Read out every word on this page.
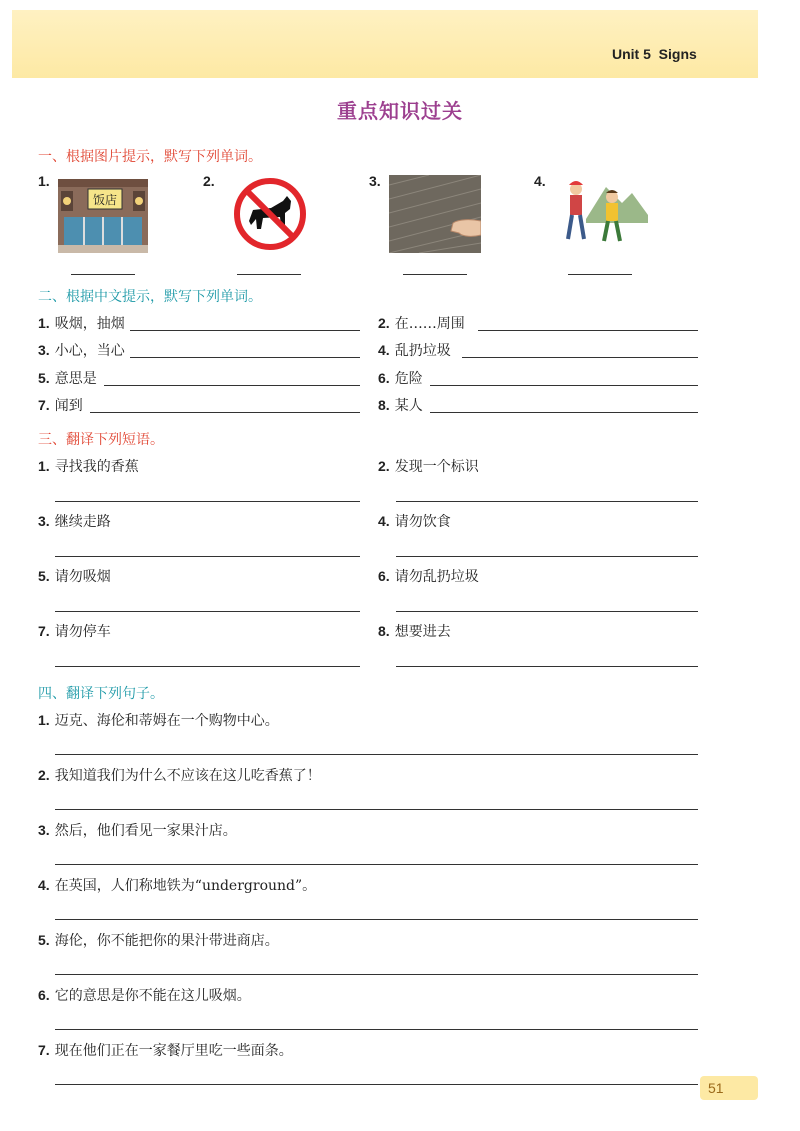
Unit 5 Signs
重点知识过关
一、根据图片提示，默写下列单词。
1.
饭店
2.	3.	4.
二、根据中文提示，默写下列单词。
1. 吸烟，抽烟	2. 在……周围
3. 小心，当心	4. 乱扔垃圾
5. 意思是	6. 危险
7. 闻到	8. 某人
三、翻译下列短语。
1. 寻找我的香蕉	2. 发现一个标识
3. 继续走路	4. 请勿饮食
5. 请勿吸烟	6. 请勿乱扔垃圾
7. 请勿停车	8. 想要进去
四、翻译下列句子。
1. 迈克、海伦和蒂姆在一个购物中心。
2. 我知道我们为什么不应该在这儿吃香蕉了！
3. 然后，他们看见一家果汁店。
4. 在英国，人们称地铁为“underground”。
5. 海伦，你不能把你的果汁带进商店。
6. 它的意思是你不能在这儿吸烟。
7. 现在他们正在一家餐厅里吃一些面条。
51
